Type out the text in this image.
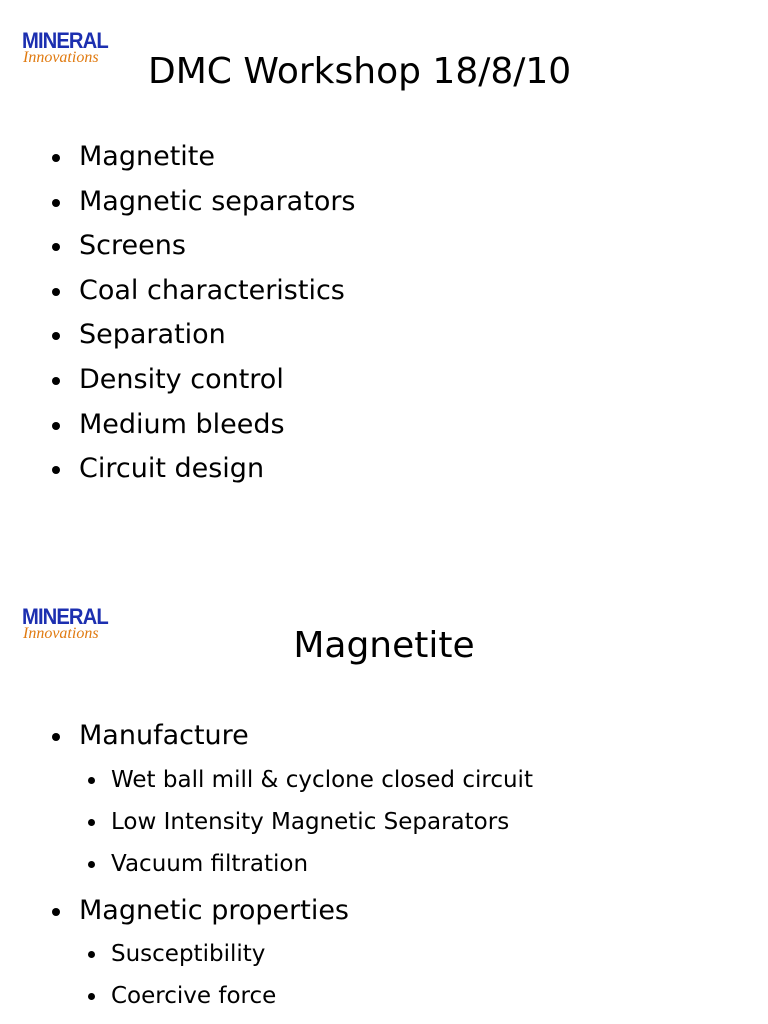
MINERAL
Innovations DMC Workshop 18/8/10
Magnetite
Magnetic separators
Screens
Coal characteristics
Separation
Density control
Medium bleeds
Circuit design
MINERAL
Innovations	Magnetite
Manufacture
Wet ball mill & cyclone closed circuit
Low Intensity Magnetic Separators
Vacuum filtration
Magnetic properties
Susceptibility
Coercive force
